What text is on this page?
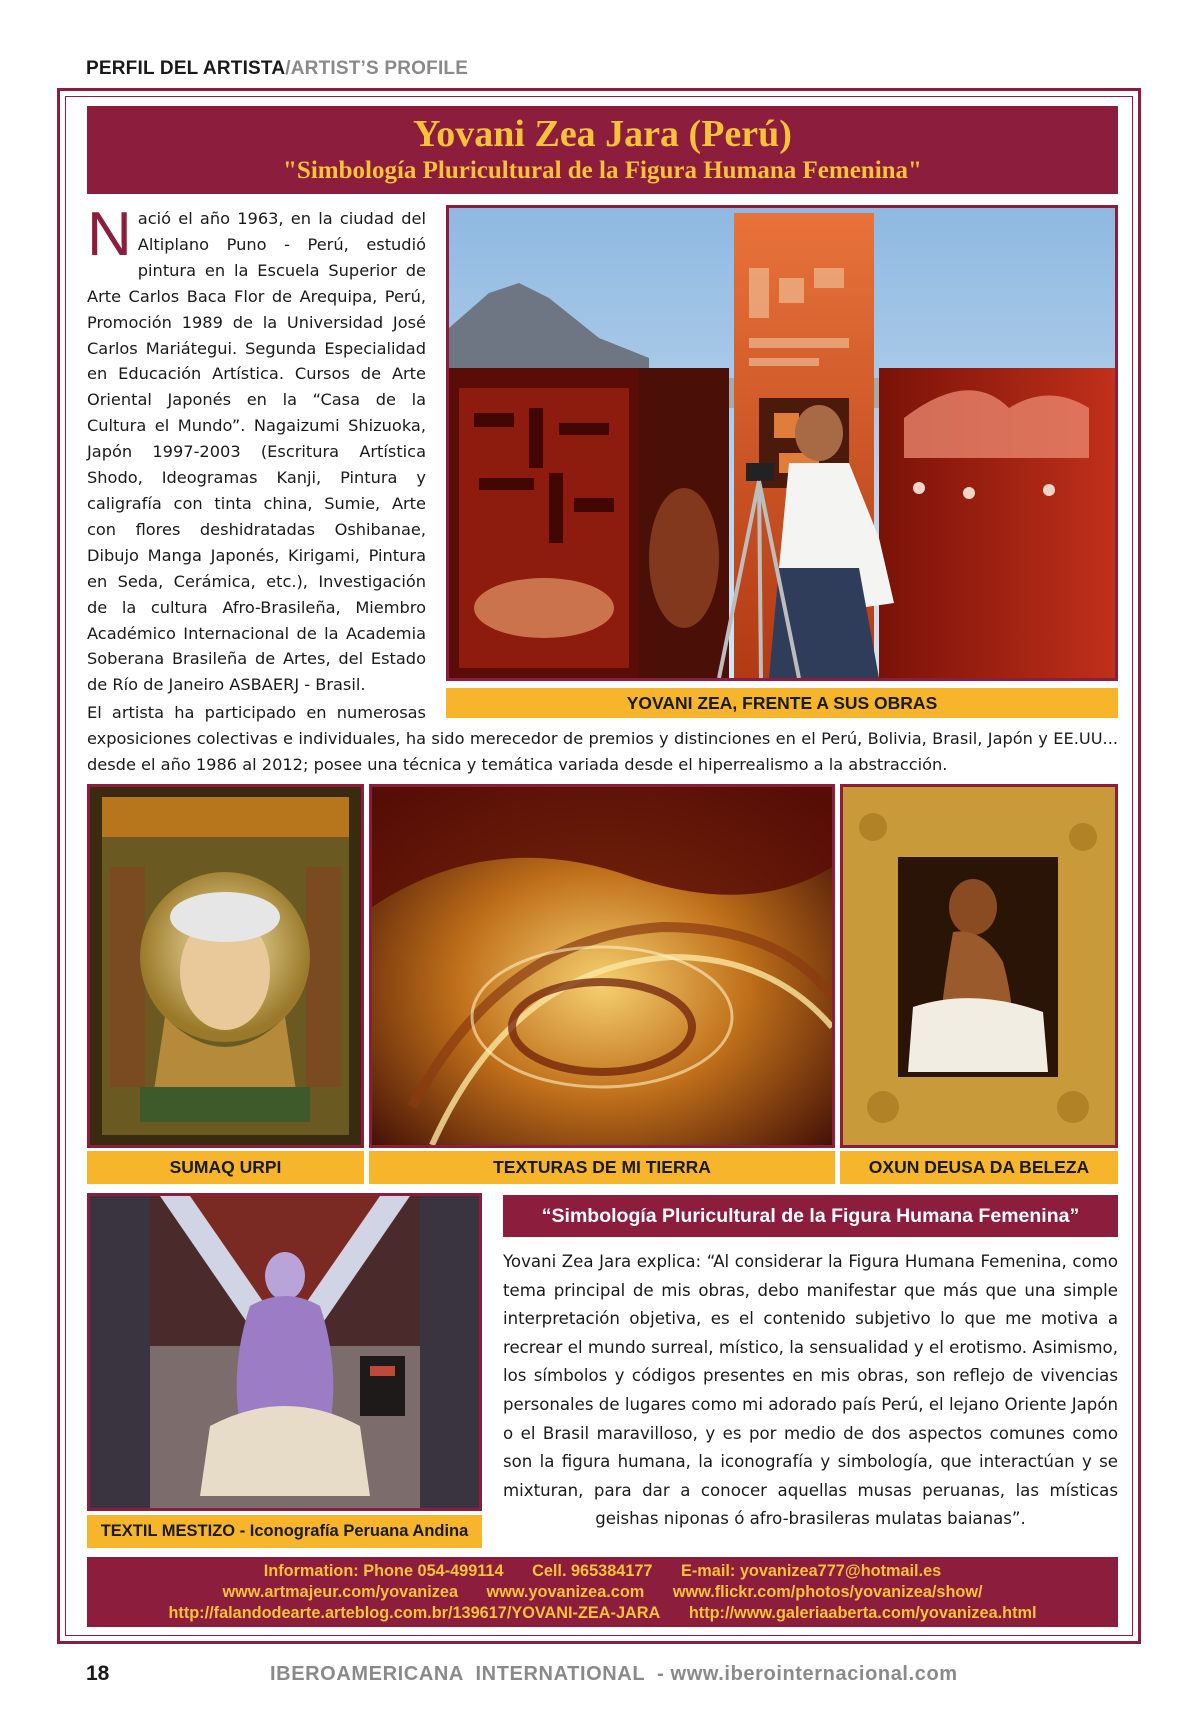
PERFIL DEL ARTISTA/ARTIST’S PROFILE
Yovani Zea Jara (Perú)
"Simbología Pluricultural de la Figura Humana Femenina"
Nació el año 1963, en la ciudad del Altiplano Puno - Perú, estudió pintura en la Escuela Superior de Arte Carlos Baca Flor de Arequipa, Perú, Promoción 1989 de la Universidad José Carlos Mariátegui. Segunda Especialidad en Educación Artística. Cursos de Arte Oriental Japonés en la “Casa de la Cultura el Mundo”. Nagaizumi Shizuoka, Japón 1997-2003 (Escritura Artística Shodo, Ideogramas Kanji, Pintura y caligrafía con tinta china, Sumie, Arte con flores deshidratadas Oshibanae, Dibujo Manga Japonés, Kirigami, Pintura en Seda, Cerámica, etc.), Investigación de la cultura Afro-Brasileña, Miembro Académico Internacional de la Academia Soberana Brasileña de Artes, del Estado de Río de Janeiro ASBAERJ - Brasil.
El artista ha participado en numerosas
exposiciones colectivas e individuales, ha sido merecedor de premios y distinciones en el Perú, Bolivia, Brasil, Japón y EE.UU... desde el año 1986 al 2012; posee una técnica y temática variada desde el hiperrealismo a la abstracción.
YOVANI ZEA, FRENTE A SUS OBRAS
SUMAQ URPI	TEXTURAS DE MI TIERRA	OXUN DEUSA DA BELEZA
TEXTIL MESTIZO - Iconografía Peruana Andina
“Simbología Pluricultural de la Figura Humana Femenina”
Yovani Zea Jara explica: “Al considerar la Figura Humana Femenina, como tema principal de mis obras, debo manifestar que más que una simple interpretación objetiva, es el contenido subjetivo lo que me motiva a recrear el mundo surreal, místico, la sensualidad y el erotismo. Asimismo, los símbolos y códigos presentes en mis obras, son reflejo de vivencias personales de lugares como mi adorado país Perú, el lejano Oriente Japón o el Brasil maravilloso, y es por medio de dos aspectos comunes como son la figura humana, la iconografía y simbología, que interactúan y se mixturan, para dar a conocer aquellas musas peruanas, las místicas geishas niponas ó afro-brasileras mulatas baianas”.
Information: Phone 054-499114 Cell. 965384177 E-mail: yovanizea777@hotmail.es
www.artmajeur.com/yovanizea www.yovanizea.com www.flickr.com/photos/yovanizea/show/
http://falandodearte.arteblog.com.br/139617/YOVANI-ZEA-JARA http://www.galeriaaberta.com/yovanizea.html
18	IBEROAMERICANA  INTERNATIONAL  - www.iberointernacional.com
